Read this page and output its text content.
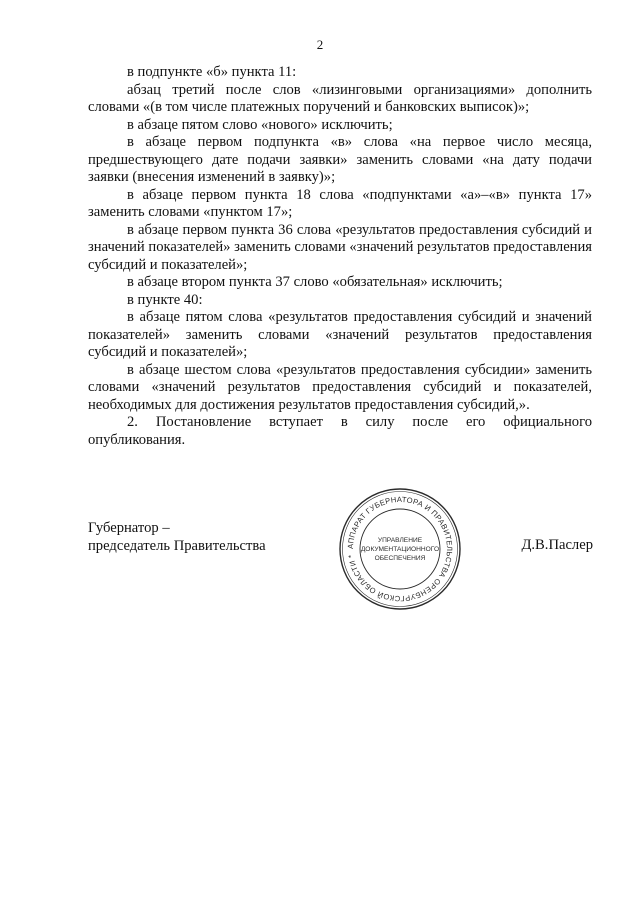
2

в подпункте «б» пункта 11:

абзац третий после слов «лизинговыми организациями» дополнить словами «(в том числе платежных поручений и банковских выписок)»;

в абзаце пятом слово «нового» исключить;

в абзаце первом подпункта «в» слова «на первое число месяца, предшествующего дате подачи заявки» заменить словами «на дату подачи заявки (внесения изменений в заявку)»;

в абзаце первом пункта 18 слова «подпунктами «а»–«в» пункта 17» заменить словами «пунктом 17»;

в абзаце первом пункта 36 слова «результатов предоставления субсидий и значений показателей» заменить словами «значений результатов предоставления субсидий и показателей»;

в абзаце втором пункта 37 слово «обязательная» исключить;

в пункте 40:

в абзаце пятом слова «результатов предоставления субсидий и значений показателей» заменить словами «значений результатов предоставления субсидий и показателей»;

в абзаце шестом слова «результатов предоставления субсидии» заменить словами «значений результатов предоставления субсидий и показателей, необходимых для достижения результатов предоставления субсидий,».

2. Постановление вступает в силу после его официального опубликования.

Губернатор –
председатель Правительства	Д.В.Паслер
АППАРАТ ГУБЕРНАТОРА И ПРАВИТЕЛЬСТВА ОРЕНБУРГСКОЙ ОБЛАСТИ *
УПРАВЛЕНИЕ
ДОКУМЕНТАЦИОННОГО
ОБЕСПЕЧЕНИЯ
